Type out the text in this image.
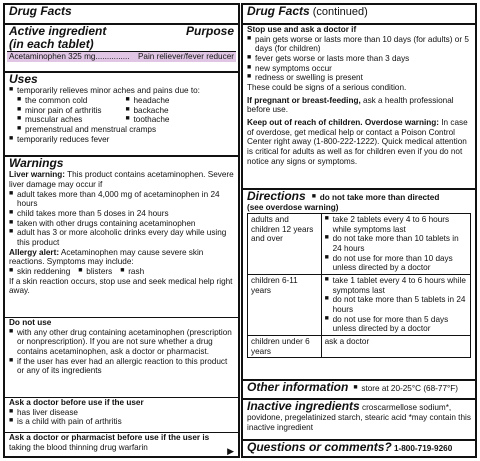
Drug Facts
Active ingredient	Purpose
(in each tablet)
Acetaminophen 325 mg............... Pain reliever/fever reducer
Uses
■ temporarily relieves minor aches and pains due to:
■ the common cold	■ headache
■ minor pain of arthritis	■ backache
■ muscular aches	■ toothache
■ premenstrual and menstrual cramps
■ temporarily reduces fever
Warnings
Liver warning: This product contains acetaminophen. Severe liver damage may occur if
■ adult takes more than 4,000 mg of acetaminophen in 24 hours
■ child takes more than 5 doses in 24 hours
■ taken with other drugs containing acetaminophen
■ adult has 3 or more alcoholic drinks every day while using this product
Allergy alert: Acetaminophen may cause severe skin reactions. Symptoms may include:
■ skin reddening	■ blisters	■ rash
If a skin reaction occurs, stop use and seek medical help right away.
Do not use
■ with any other drug containing acetaminophen (prescription or nonprescription). If you are not sure whether a drug contains acetaminophen, ask a doctor or pharmacist.
■ if the user has ever had an allergic reaction to this product or any of its ingredients
Ask a doctor before use if the user
■ has liver disease
■ is a child with pain of arthritis
Ask a doctor or pharmacist before use if the user is
taking the blood thinning drug warfarin	▶
Drug Facts (continued)
Stop use and ask a doctor if
■ pain gets worse or lasts more than 10 days (for adults) or 5 days (for children)
■ fever gets worse or lasts more than 3 days
■ new symptoms occur
■ redness or swelling is present
These could be signs of a serious condition.
If pregnant or breast-feeding, ask a health professional before use.
Keep out of reach of children. Overdose warning: In case of overdose, get medical help or contact a Poison Control Center right away (1-800-222-1222). Quick medical attention is critical for adults as well as for children even if you do not notice any signs or symptoms.
Directions	■ do not take more than directed
(see overdose warning)
adults and children 12 years and over	■ take 2 tablets every 4 to 6 hours while symptoms last
■ do not take more than 10 tablets in 24 hours
■ do not use for more than 10 days unless directed by a doctor

children 6-11 years	■ take 1 tablet every 4 to 6 hours while symptoms last
■ do not take more than 5 tablets in 24 hours
■ do not use for more than 5 days unless directed by a doctor

children under 6 years	ask a doctor
Other information	■ store at 20-25°C (68-77°F)
Inactive ingredients croscarmellose sodium*, povidone, pregelatinized starch, stearic acid *may contain this inactive ingredient
Questions or comments? 1-800-719-9260
